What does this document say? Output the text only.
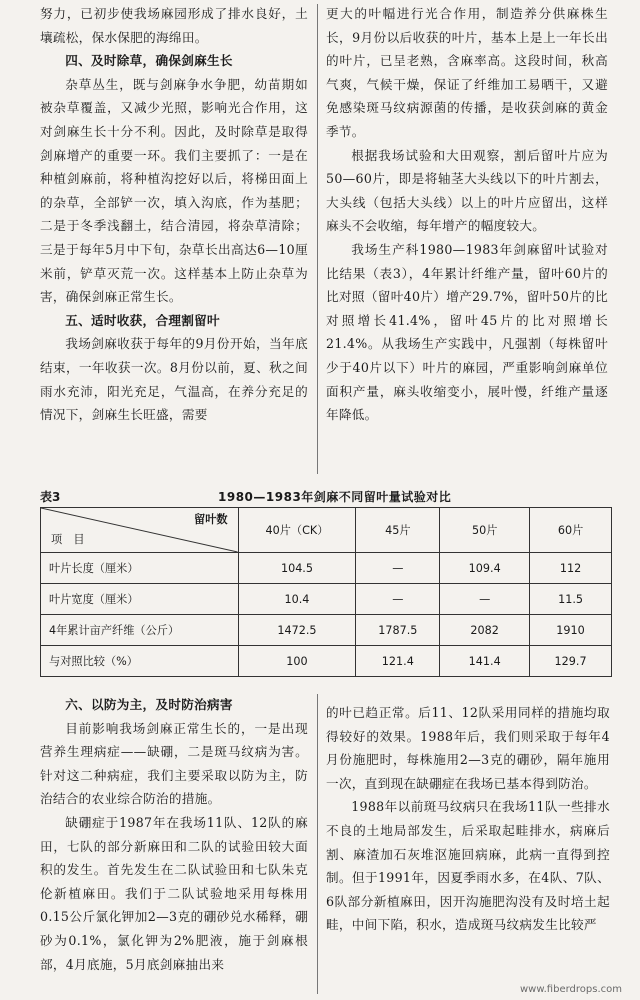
努力，已初步使我场麻园形成了排水良好，土壤疏松，保水保肥的海绵田。

四、及时除草，确保剑麻生长

杂草丛生，既与剑麻争水争肥，幼苗期如被杂草覆盖，又减少光照，影响光合作用，这对剑麻生长十分不利。因此，及时除草是取得剑麻增产的重要一环。我们主要抓了：一是在种植剑麻前，将种植沟挖好以后，将梯田面上的杂草，全部铲一次，填入沟底，作为基肥；二是于冬季浅翻土，结合清园，将杂草清除；三是于每年5月中下旬，杂草长出高达6—10厘米前，铲草灭荒一次。这样基本上防止杂草为害，确保剑麻正常生长。

五、适时收获，合理割留叶

我场剑麻收获于每年的9月份开始，当年底结束，一年收获一次。8月份以前，夏、秋之间雨水充沛，阳光充足，气温高，在养分充足的情况下，剑麻生长旺盛，需要

更大的叶幅进行光合作用，制造养分供麻株生长，9月份以后收获的叶片，基本上是上一年长出的叶片，已呈老熟，含麻率高。这段时间，秋高气爽，气候干燥，保证了纤维加工易晒干，又避免感染斑马纹病源菌的传播，是收获剑麻的黄金季节。

根据我场试验和大田观察，割后留叶片应为50—60片，即是将轴茎大头线以下的叶片割去，大头线（包括大头线）以上的叶片应留出，这样麻头不会收缩，每年增产的幅度较大。

我场生产科1980—1983年剑麻留叶试验对比结果（表3），4年累计纤维产量，留叶60片的比对照（留叶40片）增产29.7%，留叶50片的比对照增长41.4%，留叶45片的比对照增长21.4%。从我场生产实践中，凡强割（每株留叶少于40片以下）叶片的麻园，严重影响剑麻单位面积产量，麻头收缩变小，展叶慢，纤维产量逐年降低。

表3	1980—1983年剑麻不同留叶量试验对比
留叶数
项　目	40片（CK）	45片	50片	60片
叶片长度（厘米）	104.5	—	109.4	112
叶片宽度（厘米）	10.4	—	—	11.5
4年累计亩产纤维（公斤）	1472.5	1787.5	2082	1910
与对照比较（%）	100	121.4	141.4	129.7
六、以防为主，及时防治病害

目前影响我场剑麻正常生长的，一是出现营养生理病症——缺硼，二是斑马纹病为害。针对这二种病症，我们主要采取以防为主，防治结合的农业综合防治的措施。

缺硼症于1987年在我场11队、12队的麻田，七队的部分新麻田和二队的试验田较大面积的发生。首先发生在二队试验田和七队朱克伦新植麻田。我们于二队试验地采用每株用0.15公斤氯化钾加2—3克的硼砂兑水稀释，硼砂为0.1%，氯化钾为2%肥液，施于剑麻根部，4月底施，5月底剑麻抽出来

的叶已趋正常。后11、12队采用同样的措施均取得较好的效果。1988年后，我们则采取于每年4月份施肥时，每株施用2—3克的硼砂，隔年施用一次，直到现在缺硼症在我场已基本得到防治。

1988年以前斑马纹病只在我场11队一些排水不良的土地局部发生，后采取起畦排水，病麻后割、麻渣加石灰堆沤施回病麻，此病一直得到控制。但于1991年，因夏季雨水多，在4队、7队、6队部分新植麻田，因开沟施肥沟没有及时培土起畦，中间下陷，积水，造成斑马纹病发生比较严

www.fiberdrops.com
